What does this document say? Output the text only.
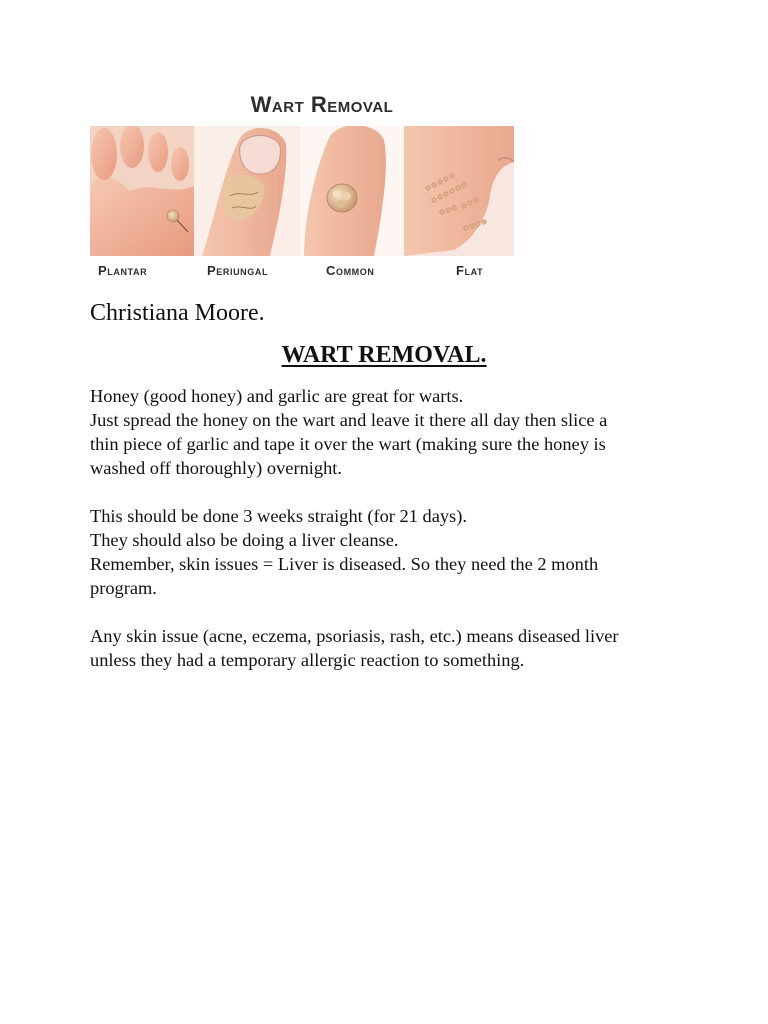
Wart Removal
Plantar	Periungal	Common	Flat
Christiana Moore.
WART REMOVAL.

Honey (good honey) and garlic are great for warts.
Just spread the honey on the wart and leave it there all day then slice a
thin piece of garlic and tape it over the wart (making sure the honey is
washed off thoroughly) overnight.

This should be done 3 weeks straight (for 21 days).
They should also be doing a liver cleanse.
Remember, skin issues = Liver is diseased. So they need the 2 month
program.

Any skin issue (acne, eczema, psoriasis, rash, etc.) means diseased liver
unless they had a temporary allergic reaction to something.
